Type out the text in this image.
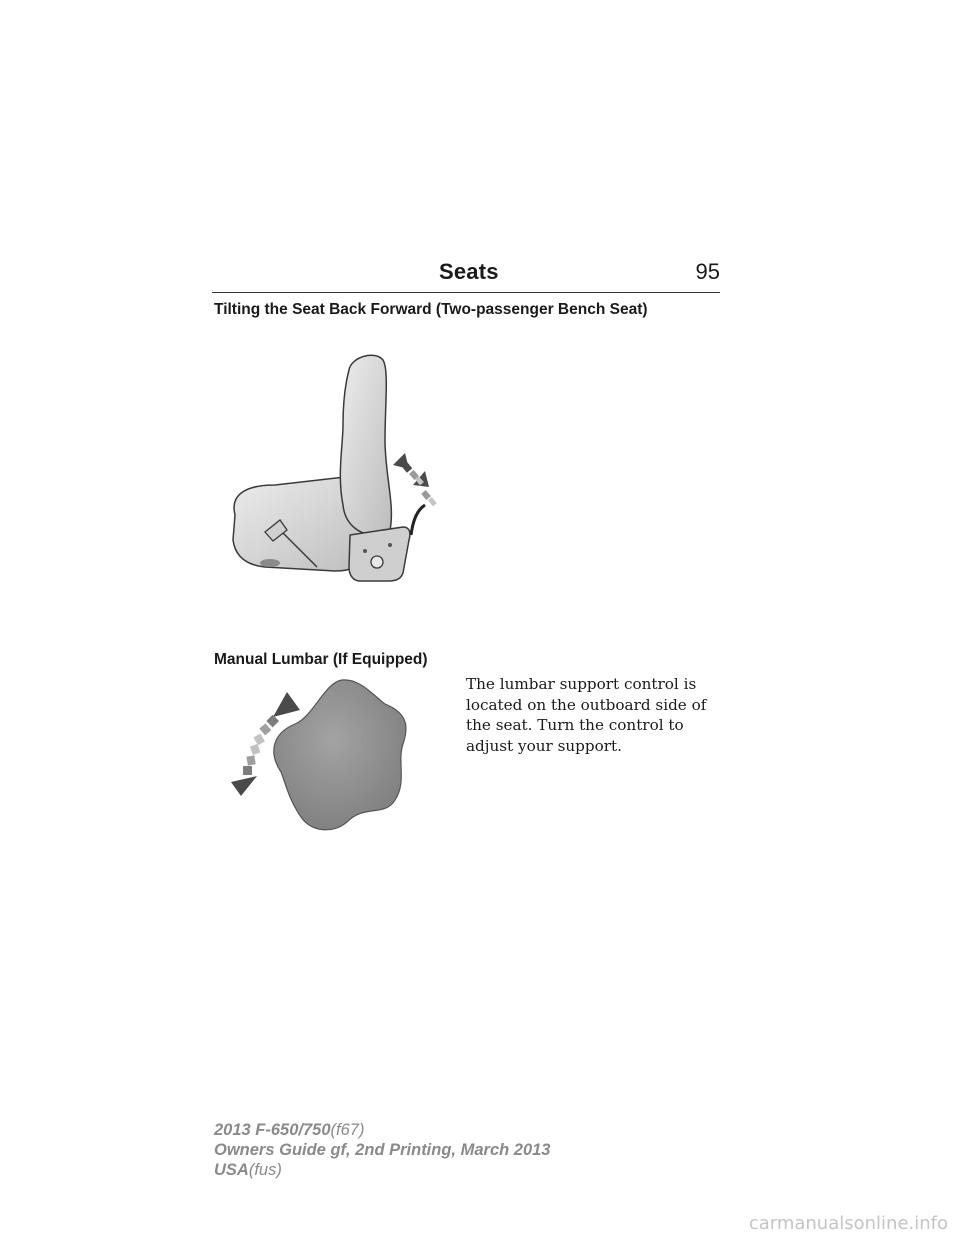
Seats	95
Tilting the Seat Back Forward (Two-passenger Bench Seat)
Manual Lumbar (If Equipped)
The lumbar support control is located on the outboard side of the seat. Turn the control to adjust your support.
2013 F-650/750(f67)
Owners Guide gf, 2nd Printing, March 2013
USA(fus)
carmanualsonline.info
